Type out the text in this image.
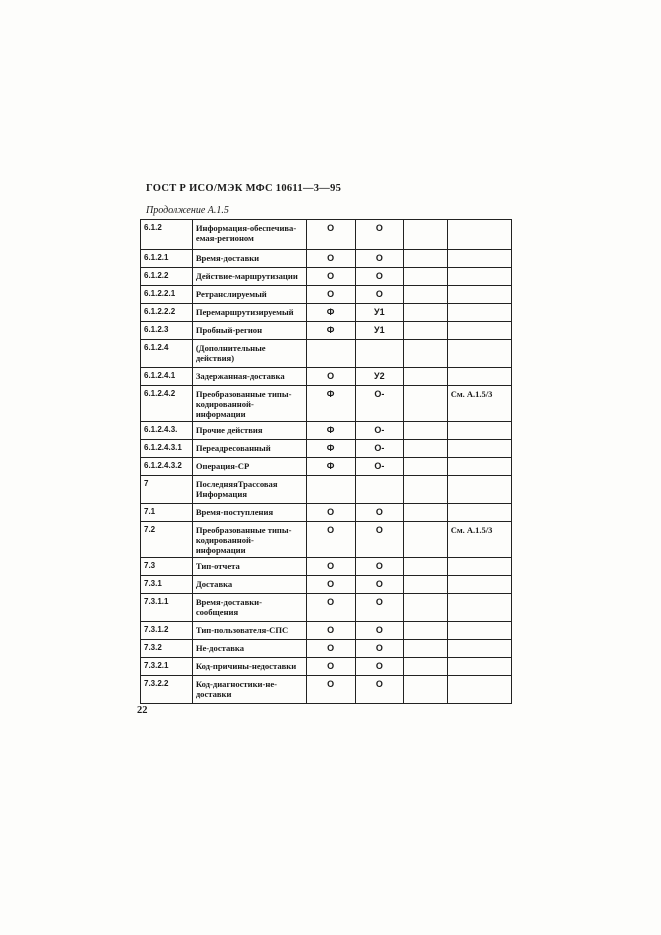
ГОСТ Р ИСО/МЭК МФС 10611—3—95
Продолжение А.1.5
6.1.2	Информация-обеспечива-емая-регионом	О	О		
6.1.2.1	Время-доставки	О	О		
6.1.2.2	Действие-маршрутизации	О	О		
6.1.2.2.1	Ретранслируемый	О	О		
6.1.2.2.2	Перемаршрутизируемый	Ф	У1		
6.1.2.3	Пробный-регион	Ф	У1		
6.1.2.4	(Дополнительные действия)				
6.1.2.4.1	Задержанная-доставка	О	У2		
6.1.2.4.2	Преобразованные типы-кодированной-информации	Ф	О-		См. А.1.5/3
6.1.2.4.3.	Прочие действия	Ф	О-		
6.1.2.4.3.1	Переадресованный	Ф	О-		
6.1.2.4.3.2	Операция-СР	Ф	О-		
7	ПоследняяТрассовая Информация				
7.1	Время-поступления	О	О		
7.2	Преобразованные типы-кодированной-информации	О	О		См. А.1.5/3
7.3	Тип-отчета	О	О		
7.3.1	Доставка	О	О		
7.3.1.1	Время-доставки-сообщения	О	О		
7.3.1.2	Тип-пользователя-СПС	О	О		
7.3.2	Не-доставка	О	О		
7.3.2.1	Код-причины-недоставки	О	О		
7.3.2.2	Код-диагностики-не-доставки	О	О		
22
